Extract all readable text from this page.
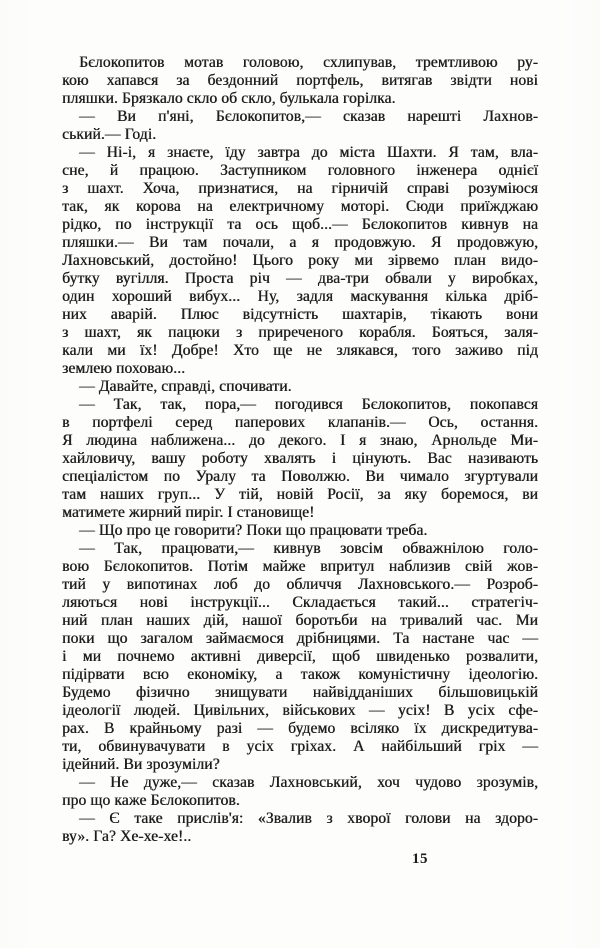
Бєлокопитов мотав головою, схлипував, тремтливою ру-
кою хапався за бездонний портфель, витягав звідти нові
пляшки. Брязкало скло об скло, булькала горілка.
— Ви п'яні, Бєлокопитов,— сказав нарешті Лахнов-
ський.— Годі.
— Ні-і, я знаєте, їду завтра до міста Шахти. Я там, вла-
сне, й працюю. Заступником головного інженера однієї
з шахт. Хоча, признатися, на гірничій справі розуміюся
так, як корова на електричному моторі. Сюди приїжджаю
рідко, по інструкції та ось щоб...— Бєлокопитов кивнув на
пляшки.— Ви там почали, а я продовжую. Я продовжую,
Лахновський, достойно! Цього року ми зірвемо план видо-
бутку вугілля. Проста річ — два-три обвали у виробках,
один хороший вибух... Ну, задля маскування кілька дріб-
них аварій. Плюс відсутність шахтарів, тікають вони
з шахт, як пацюки з приреченого корабля. Бояться, заля-
кали ми їх! Добре! Хто ще не злякався, того заживо під
землею поховаю...
— Давайте, справді, спочивати.
— Так, так, пора,— погодився Бєлокопитов, покопався
в портфелі серед паперових клапанів.— Ось, остання.
Я людина наближена... до декого. І я знаю, Арнольде Ми-
хайловичу, вашу роботу хвалять і цінують. Вас називають
спеціалістом по Уралу та Поволжю. Ви чимало згуртували
там наших груп... У тій, новій Росії, за яку боремося, ви
матимете жирний пиріг. І становище!
— Що про це говорити? Поки що працювати треба.
— Так, працювати,— кивнув зовсім обважнілою голо-
вою Бєлокопитов. Потім майже впритул наблизив свій жов-
тий у випотинах лоб до обличчя Лахновського.— Розроб-
ляються нові інструкції... Складається такий... стратегіч-
ний план наших дій, нашої боротьби на тривалий час. Ми
поки що загалом займаємося дрібницями. Та настане час —
і ми почнемо активні диверсії, щоб швиденько розвалити,
підірвати всю економіку, а також комуністичну ідеологію.
Будемо фізично знищувати найвідданіших більшовицькій
ідеології людей. Цивільних, військових — усіх! В усіх сфе-
рах. В крайньому разі — будемо всіляко їх дискредитува-
ти, обвинувачувати в усіх гріхах. А найбільший гріх —
ідейний. Ви зрозуміли?
— Не дуже,— сказав Лахновський, хоч чудово зрозумів,
про що каже Бєлокопитов.
— Є таке прислів'я: «Звалив з хворої голови на здоро-
ву». Га? Хе-хе-хе!..
15
